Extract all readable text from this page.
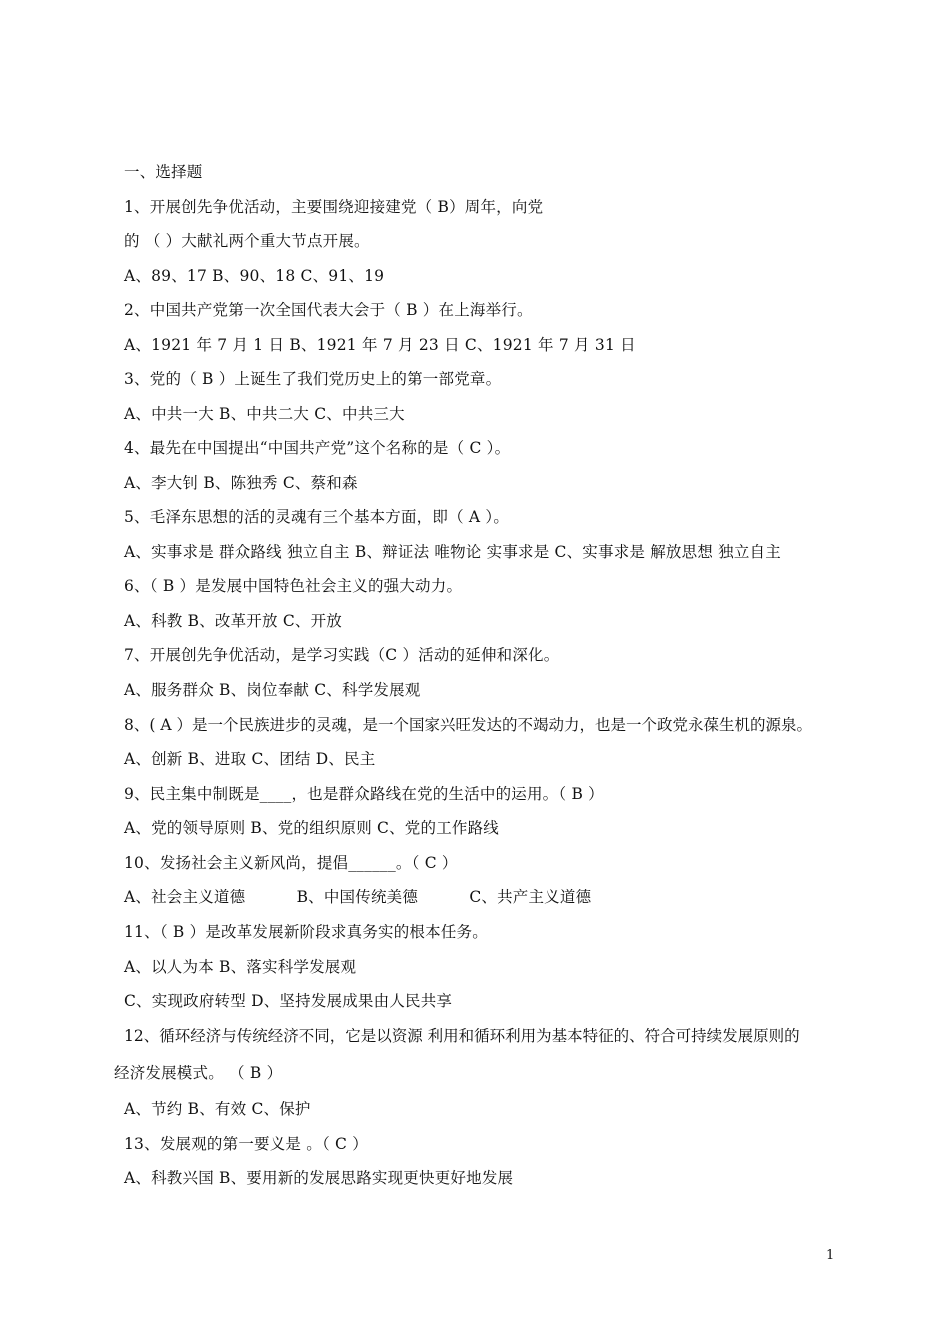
一、选择题
1、开展创先争优活动，主要围绕迎接建党（ B）周年，向党
的 （ ）大献礼两个重大节点开展。
A、89、17 B、90、18 C、91、19
2、中国共产党第一次全国代表大会于（ B ）在上海举行。
A、1921 年 7 月 1 日 B、1921 年 7 月 23 日 C、1921 年 7 月 31 日
3、党的（ B ）上诞生了我们党历史上的第一部党章。
A、中共一大 B、中共二大 C、中共三大
4、最先在中国提出“中国共产党”这个名称的是（ C ）。
A、李大钊 B、陈独秀 C、蔡和森
5、毛泽东思想的活的灵魂有三个基本方面，即（ A ）。
A、实事求是 群众路线 独立自主 B、辩证法 唯物论 实事求是 C、实事求是 解放思想 独立自主
6、（ B ）是发展中国特色社会主义的强大动力。
A、科教 B、改革开放 C、开放
7、开展创先争优活动，是学习实践（C ）活动的延伸和深化。
A、服务群众 B、岗位奉献 C、科学发展观
8、( A ）是一个民族进步的灵魂，是一个国家兴旺发达的不竭动力，也是一个政党永葆生机的源泉。
A、创新 B、进取 C、团结 D、民主
9、民主集中制既是____，也是群众路线在党的生活中的运用。（ B ）
A、党的领导原则 B、党的组织原则 C、党的工作路线
10、发扬社会主义新风尚，提倡______。（ C ）
A、社会主义道德          B、中国传统美德          C、共产主义道德
11、（ B ）是改革发展新阶段求真务实的根本任务。
A、以人为本 B、落实科学发展观
C、实现政府转型 D、坚持发展成果由人民共享
12、循环经济与传统经济不同，它是以资源 利用和循环利用为基本特征的、符合可持续发展原则的
经济发展模式。 （ B ）
A、节约 B、有效 C、保护
13、发展观的第一要义是 。（ C ）
A、科教兴国 B、要用新的发展思路实现更快更好地发展
1
